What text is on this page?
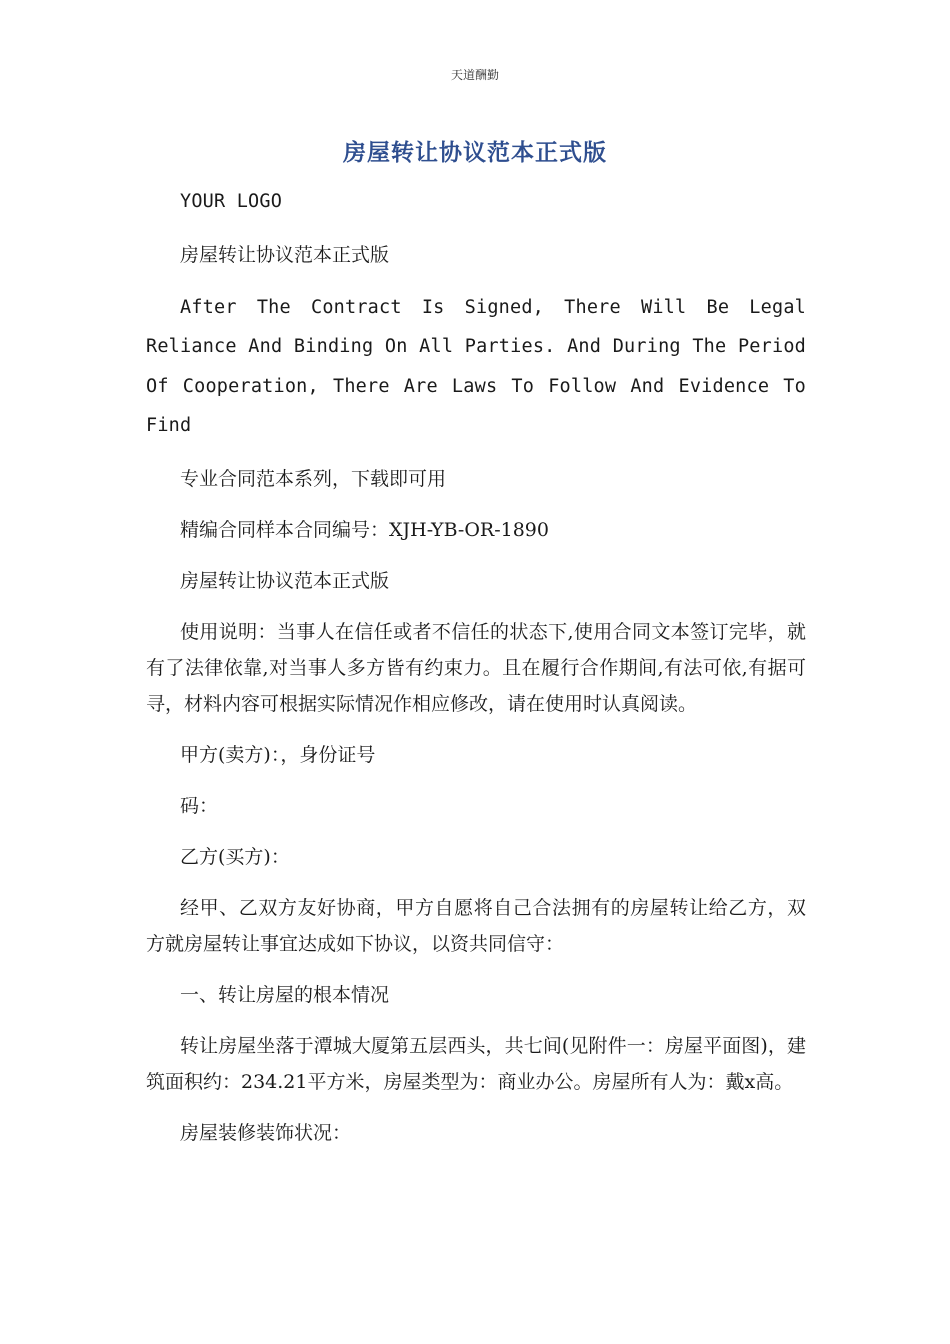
天道酬勤
房屋转让协议范本正式版

YOUR LOGO

房屋转让协议范本正式版

After The Contract Is Signed, There Will Be Legal Reliance And Binding On All Parties. And During The Period Of Cooperation, There Are Laws To Follow And Evidence To Find

专业合同范本系列，下载即可用

精编合同样本合同编号：XJH-YB-OR-1890

房屋转让协议范本正式版

使用说明：当事人在信任或者不信任的状态下,使用合同文本签订完毕，就有了法律依靠,对当事人多方皆有约束力。且在履行合作期间,有法可依,有据可寻，材料内容可根据实际情况作相应修改，请在使用时认真阅读。

甲方(卖方)：，身份证号

码：

乙方(买方)：

经甲、乙双方友好协商，甲方自愿将自己合法拥有的房屋转让给乙方，双方就房屋转让事宜达成如下协议，以资共同信守：

一、转让房屋的根本情况

转让房屋坐落于潭城大厦第五层西头，共七间(见附件一：房屋平面图)，建筑面积约：234.21平方米，房屋类型为：商业办公。房屋所有人为：戴x高。

房屋装修装饰状况：
